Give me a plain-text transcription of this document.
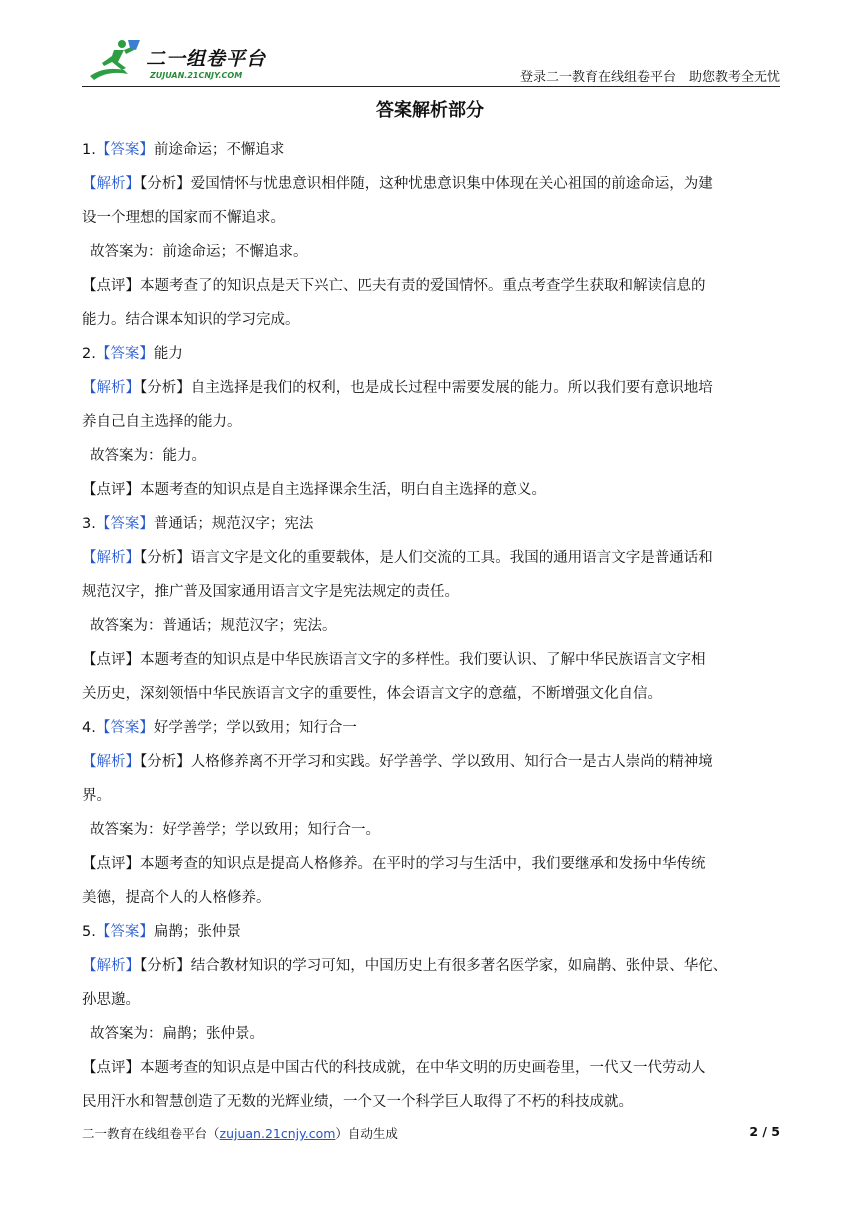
二一组卷平台
ZUJUAN.21CNJY.COM	登录二一教育在线组卷平台　助您教考全无忧
答案解析部分
1.【答案】前途命运；不懈追求
【解析】【分析】爱国情怀与忧患意识相伴随，这种忧患意识集中体现在关心祖国的前途命运，为建
设一个理想的国家而不懈追求。
故答案为：前途命运；不懈追求。
【点评】本题考查了的知识点是天下兴亡、匹夫有责的爱国情怀。重点考查学生获取和解读信息的
能力。结合课本知识的学习完成。
2.【答案】能力
【解析】【分析】自主选择是我们的权利，也是成长过程中需要发展的能力。所以我们要有意识地培
养自己自主选择的能力。
故答案为：能力。
【点评】本题考查的知识点是自主选择课余生活，明白自主选择的意义。
3.【答案】普通话；规范汉字；宪法
【解析】【分析】语言文字是文化的重要载体，是人们交流的工具。我国的通用语言文字是普通话和
规范汉字，推广普及国家通用语言文字是宪法规定的责任。
故答案为：普通话；规范汉字；宪法。
【点评】本题考查的知识点是中华民族语言文字的多样性。我们要认识、了解中华民族语言文字相
关历史，深刻领悟中华民族语言文字的重要性，体会语言文字的意蕴，不断增强文化自信。
4.【答案】好学善学；学以致用；知行合一
【解析】【分析】人格修养离不开学习和实践。好学善学、学以致用、知行合一是古人崇尚的精神境
界。
故答案为：好学善学；学以致用；知行合一。
【点评】本题考查的知识点是提高人格修养。在平时的学习与生活中，我们要继承和发扬中华传统
美德，提高个人的人格修养。
5.【答案】扁鹊；张仲景
【解析】【分析】结合教材知识的学习可知，中国历史上有很多著名医学家，如扁鹊、张仲景、华佗、
孙思邈。
故答案为：扁鹊；张仲景。
【点评】本题考查的知识点是中国古代的科技成就，在中华文明的历史画卷里，一代又一代劳动人
民用汗水和智慧创造了无数的光辉业绩，一个又一个科学巨人取得了不朽的科技成就。
二一教育在线组卷平台（zujuan.21cnjy.com）自动生成	2 / 5
